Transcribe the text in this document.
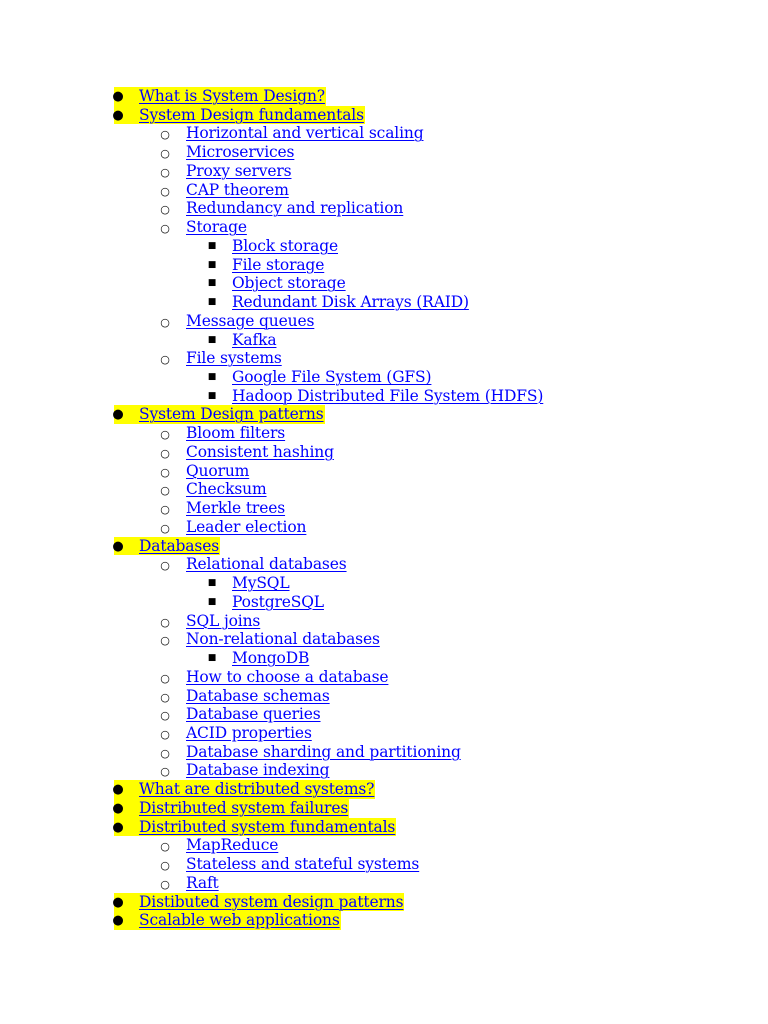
● What is System Design?
● System Design fundamentals
○ Horizontal and vertical scaling
○ Microservices
○ Proxy servers
○ CAP theorem
○ Redundancy and replication
○ Storage
■ Block storage
■ File storage
■ Object storage
■ Redundant Disk Arrays (RAID)
○ Message queues
■ Kafka
○ File systems
■ Google File System (GFS)
■ Hadoop Distributed File System (HDFS)
● System Design patterns
○ Bloom filters
○ Consistent hashing
○ Quorum
○ Checksum
○ Merkle trees
○ Leader election
● Databases
○ Relational databases
■ MySQL
■ PostgreSQL
○ SQL joins
○ Non-relational databases
■ MongoDB
○ How to choose a database
○ Database schemas
○ Database queries
○ ACID properties
○ Database sharding and partitioning
○ Database indexing
● What are distributed systems?
● Distributed system failures
● Distributed system fundamentals
○ MapReduce
○ Stateless and stateful systems
○ Raft
● Distibuted system design patterns
● Scalable web applications
